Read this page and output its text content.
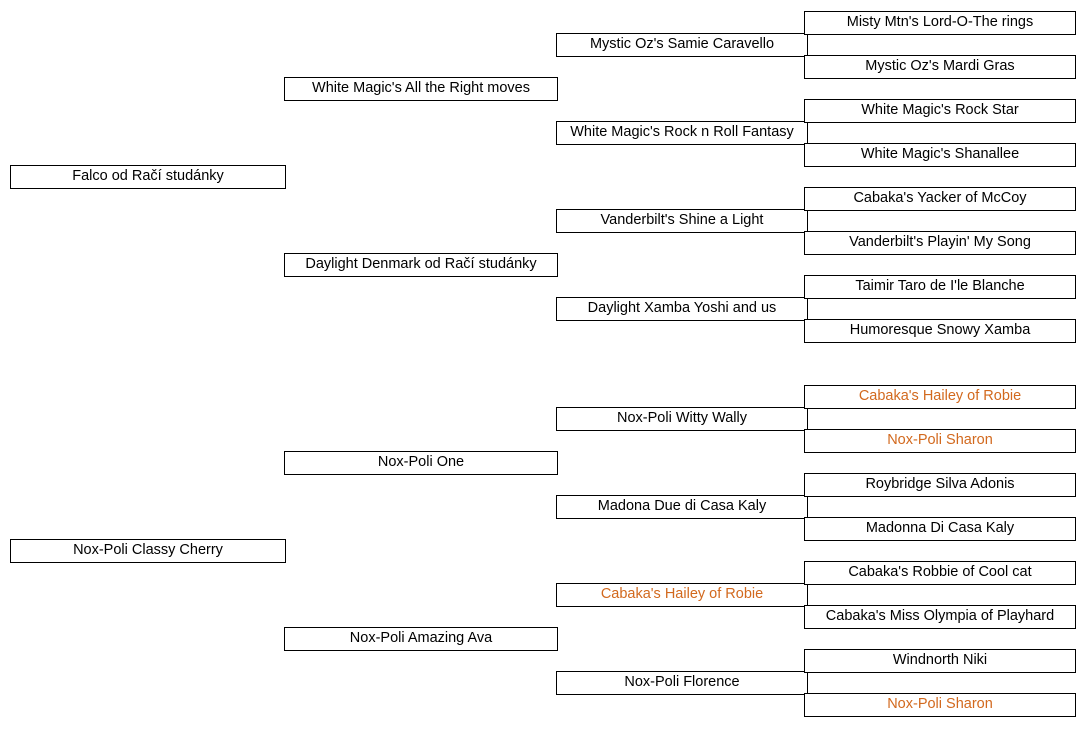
Falco od Račí studánky
White Magic's All the Right moves
Daylight Denmark od Račí studánky
Mystic Oz's Samie Caravello
White Magic's Rock n Roll Fantasy
Vanderbilt's Shine a Light
Daylight Xamba Yoshi and us
Misty Mtn's Lord-O-The rings
Mystic Oz's Mardi Gras
White Magic's Rock Star
White Magic's Shanallee
Cabaka's Yacker of McCoy
Vanderbilt's Playin' My Song
Taimir Taro de I'le Blanche
Humoresque Snowy Xamba
Nox-Poli Classy Cherry
Nox-Poli One
Nox-Poli Amazing Ava
Nox-Poli Witty Wally
Madona Due di Casa Kaly
Cabaka's Hailey of Robie
Nox-Poli Florence
Cabaka's Hailey of Robie
Nox-Poli Sharon
Roybridge Silva Adonis
Madonna Di Casa Kaly
Cabaka's Robbie of Cool cat
Cabaka's Miss Olympia of Playhard
Windnorth Niki
Nox-Poli Sharon
